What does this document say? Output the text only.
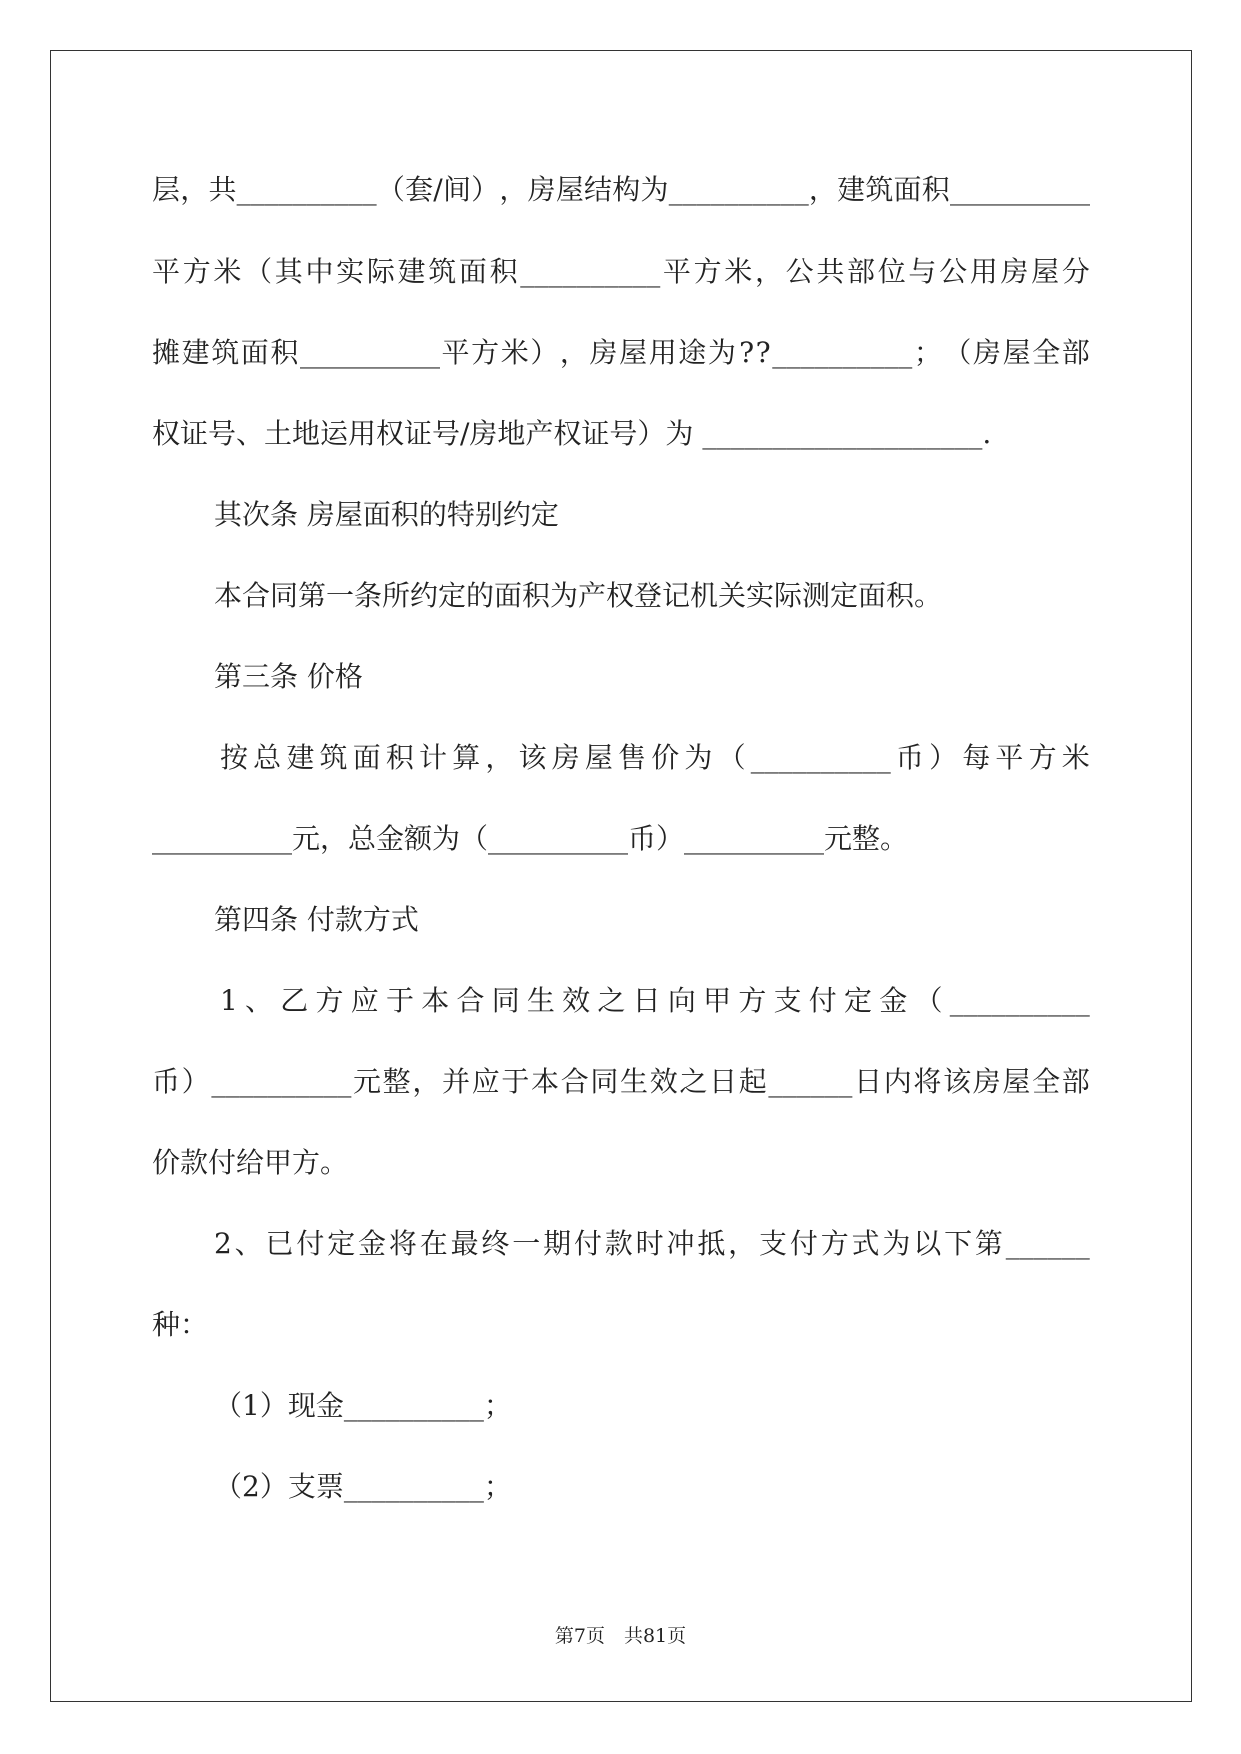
层 ， 共 __________ （ 套 / 间 ） ， 房 屋 结 构 为 __________ ， 建 筑 面 积 __________
平 方 米 （ 其 中 实 际 建 筑 面 积 __________ 平 方 米 ， 公 共 部 位 与 公 用 房 屋 分
摊 建 筑 面 积 __________ 平 方 米 ） ， 房 屋 用 途 为 ? ? __________ ； （ 房 屋 全 部
权证号、土地运用权证号/房地产权证号）为 ____________________.
其次条 房屋面积的特别约定
本合同第一条所约定的面积为产权登记机关实际测定面积。
第三条 价格
按 总 建 筑 面 积 计 算 ， 该 房 屋 售 价 为 （ __________ 币 ） 每 平 方 米
__________元，总金额为（__________币）__________元整。
第四条 付款方式
1 、 乙 方 应 于 本 合 同 生 效 之 日 向 甲 方 支 付 定 金 （ __________
币 ） __________ 元 整 ， 并 应 于 本 合 同 生 效 之 日 起 ______ 日 内 将 该 房 屋 全 部
价款付给甲方。
2 、 已 付 定 金 将 在 最 终 一 期 付 款 时 冲 抵 ， 支 付 方 式 为 以 下 第 ______
种：
（1）现金__________；
（2）支票__________；
第7页　共81页
